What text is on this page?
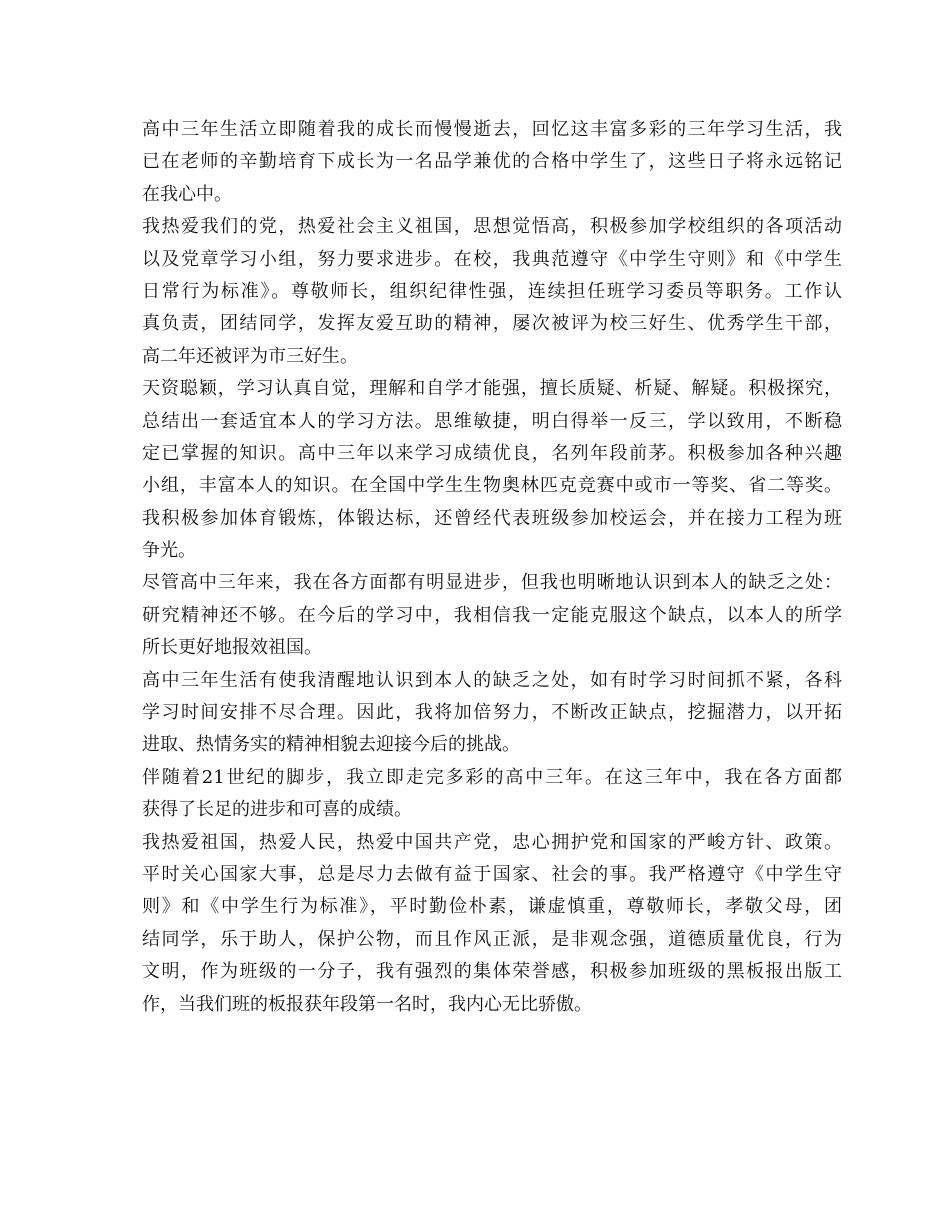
高中三年生活立即随着我的成长而慢慢逝去，回忆这丰富多彩的三年学习生活，我
已在老师的辛勤培育下成长为一名品学兼优的合格中学生了，这些日子将永远铭记
在我心中。
我热爱我们的党，热爱社会主义祖国，思想觉悟高，积极参加学校组织的各项活动
以及党章学习小组，努力要求进步。在校，我典范遵守《中学生守则》和《中学生
日常行为标准》。尊敬师长，组织纪律性强，连续担任班学习委员等职务。工作认
真负责，团结同学，发挥友爱互助的精神，屡次被评为校三好生、优秀学生干部，
高二年还被评为市三好生。
天资聪颖，学习认真自觉，理解和自学才能强，擅长质疑、析疑、解疑。积极探究，
总结出一套适宜本人的学习方法。思维敏捷，明白得举一反三，学以致用，不断稳
定已掌握的知识。高中三年以来学习成绩优良，名列年段前茅。积极参加各种兴趣
小组，丰富本人的知识。在全国中学生生物奥林匹克竞赛中或市一等奖、省二等奖。
我积极参加体育锻炼，体锻达标，还曾经代表班级参加校运会，并在接力工程为班
争光。
尽管高中三年来，我在各方面都有明显进步，但我也明晰地认识到本人的缺乏之处：
研究精神还不够。在今后的学习中，我相信我一定能克服这个缺点，以本人的所学
所长更好地报效祖国。
高中三年生活有使我清醒地认识到本人的缺乏之处，如有时学习时间抓不紧，各科
学习时间安排不尽合理。因此，我将加倍努力，不断改正缺点，挖掘潜力，以开拓
进取、热情务实的精神相貌去迎接今后的挑战。
伴随着21世纪的脚步，我立即走完多彩的高中三年。在这三年中，我在各方面都
获得了长足的进步和可喜的成绩。
我热爱祖国，热爱人民，热爱中国共产党，忠心拥护党和国家的严峻方针、政策。
平时关心国家大事，总是尽力去做有益于国家、社会的事。我严格遵守《中学生守
则》和《中学生行为标准》，平时勤俭朴素，谦虚慎重，尊敬师长，孝敬父母，团
结同学，乐于助人，保护公物，而且作风正派，是非观念强，道德质量优良，行为
文明，作为班级的一分子，我有强烈的集体荣誉感，积极参加班级的黑板报出版工
作，当我们班的板报获年段第一名时，我内心无比骄傲。
